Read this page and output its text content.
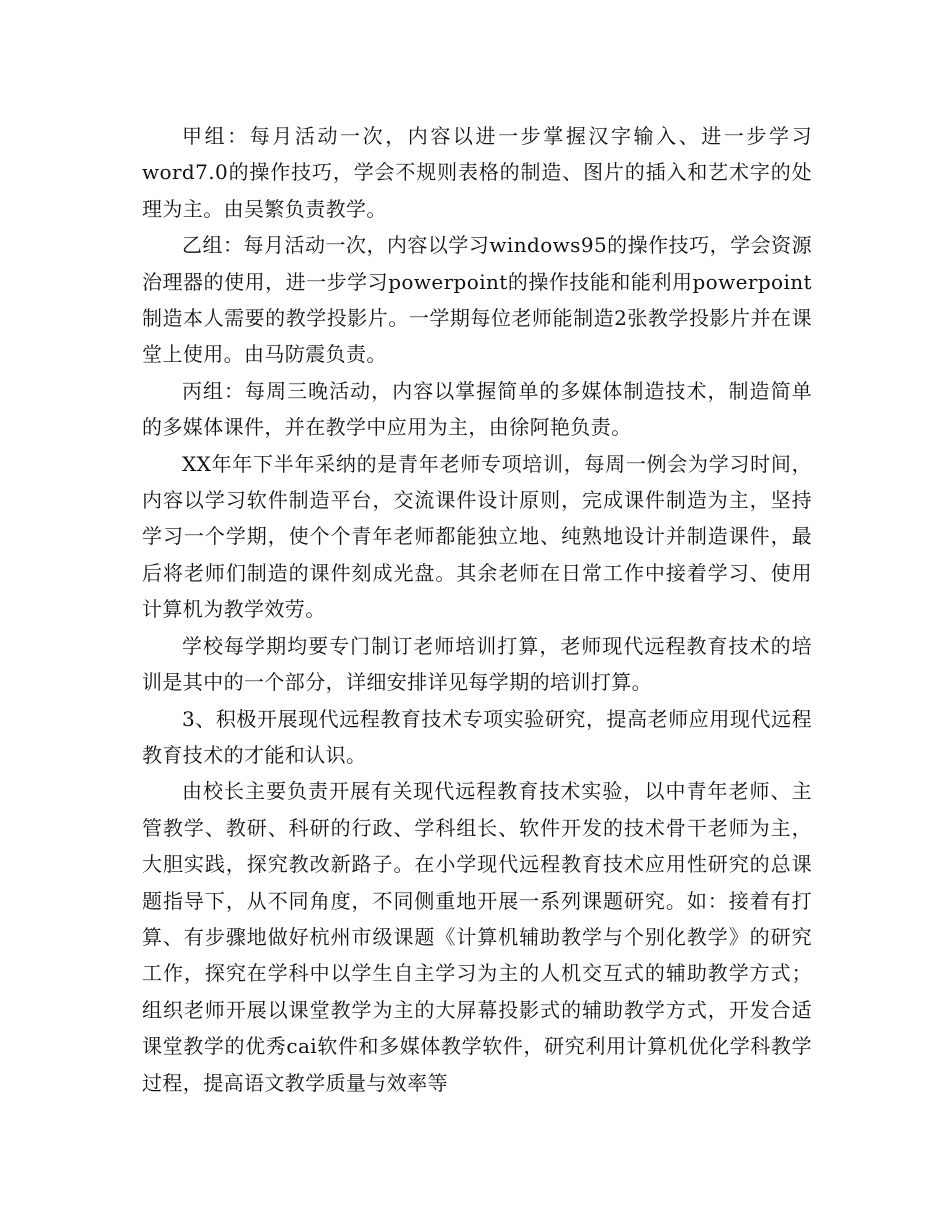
甲组：每月活动一次，内容以进一步掌握汉字输入、进一步学习word7.0的操作技巧，学会不规则表格的制造、图片的插入和艺术字的处理为主。由吴繁负责教学。

乙组：每月活动一次，内容以学习windows95的操作技巧，学会资源治理器的使用，进一步学习powerpoint的操作技能和能利用powerpoint制造本人需要的教学投影片。一学期每位老师能制造2张教学投影片并在课堂上使用。由马防震负责。

丙组：每周三晚活动，内容以掌握简单的多媒体制造技术，制造简单的多媒体课件，并在教学中应用为主，由徐阿艳负责。

XX年年下半年采纳的是青年老师专项培训，每周一例会为学习时间，内容以学习软件制造平台，交流课件设计原则，完成课件制造为主，坚持学习一个学期，使个个青年老师都能独立地、纯熟地设计并制造课件，最后将老师们制造的课件刻成光盘。其余老师在日常工作中接着学习、使用计算机为教学效劳。

学校每学期均要专门制订老师培训打算，老师现代远程教育技术的培训是其中的一个部分，详细安排详见每学期的培训打算。

3、积极开展现代远程教育技术专项实验研究，提高老师应用现代远程教育技术的才能和认识。

由校长主要负责开展有关现代远程教育技术实验，以中青年老师、主管教学、教研、科研的行政、学科组长、软件开发的技术骨干老师为主，大胆实践，探究教改新路子。在小学现代远程教育技术应用性研究的总课题指导下，从不同角度，不同侧重地开展一系列课题研究。如：接着有打算、有步骤地做好杭州市级课题《计算机辅助教学与个别化教学》的研究工作，探究在学科中以学生自主学习为主的人机交互式的辅助教学方式；组织老师开展以课堂教学为主的大屏幕投影式的辅助教学方式，开发合适课堂教学的优秀cai软件和多媒体教学软件，研究利用计算机优化学科教学过程，提高语文教学质量与效率等
